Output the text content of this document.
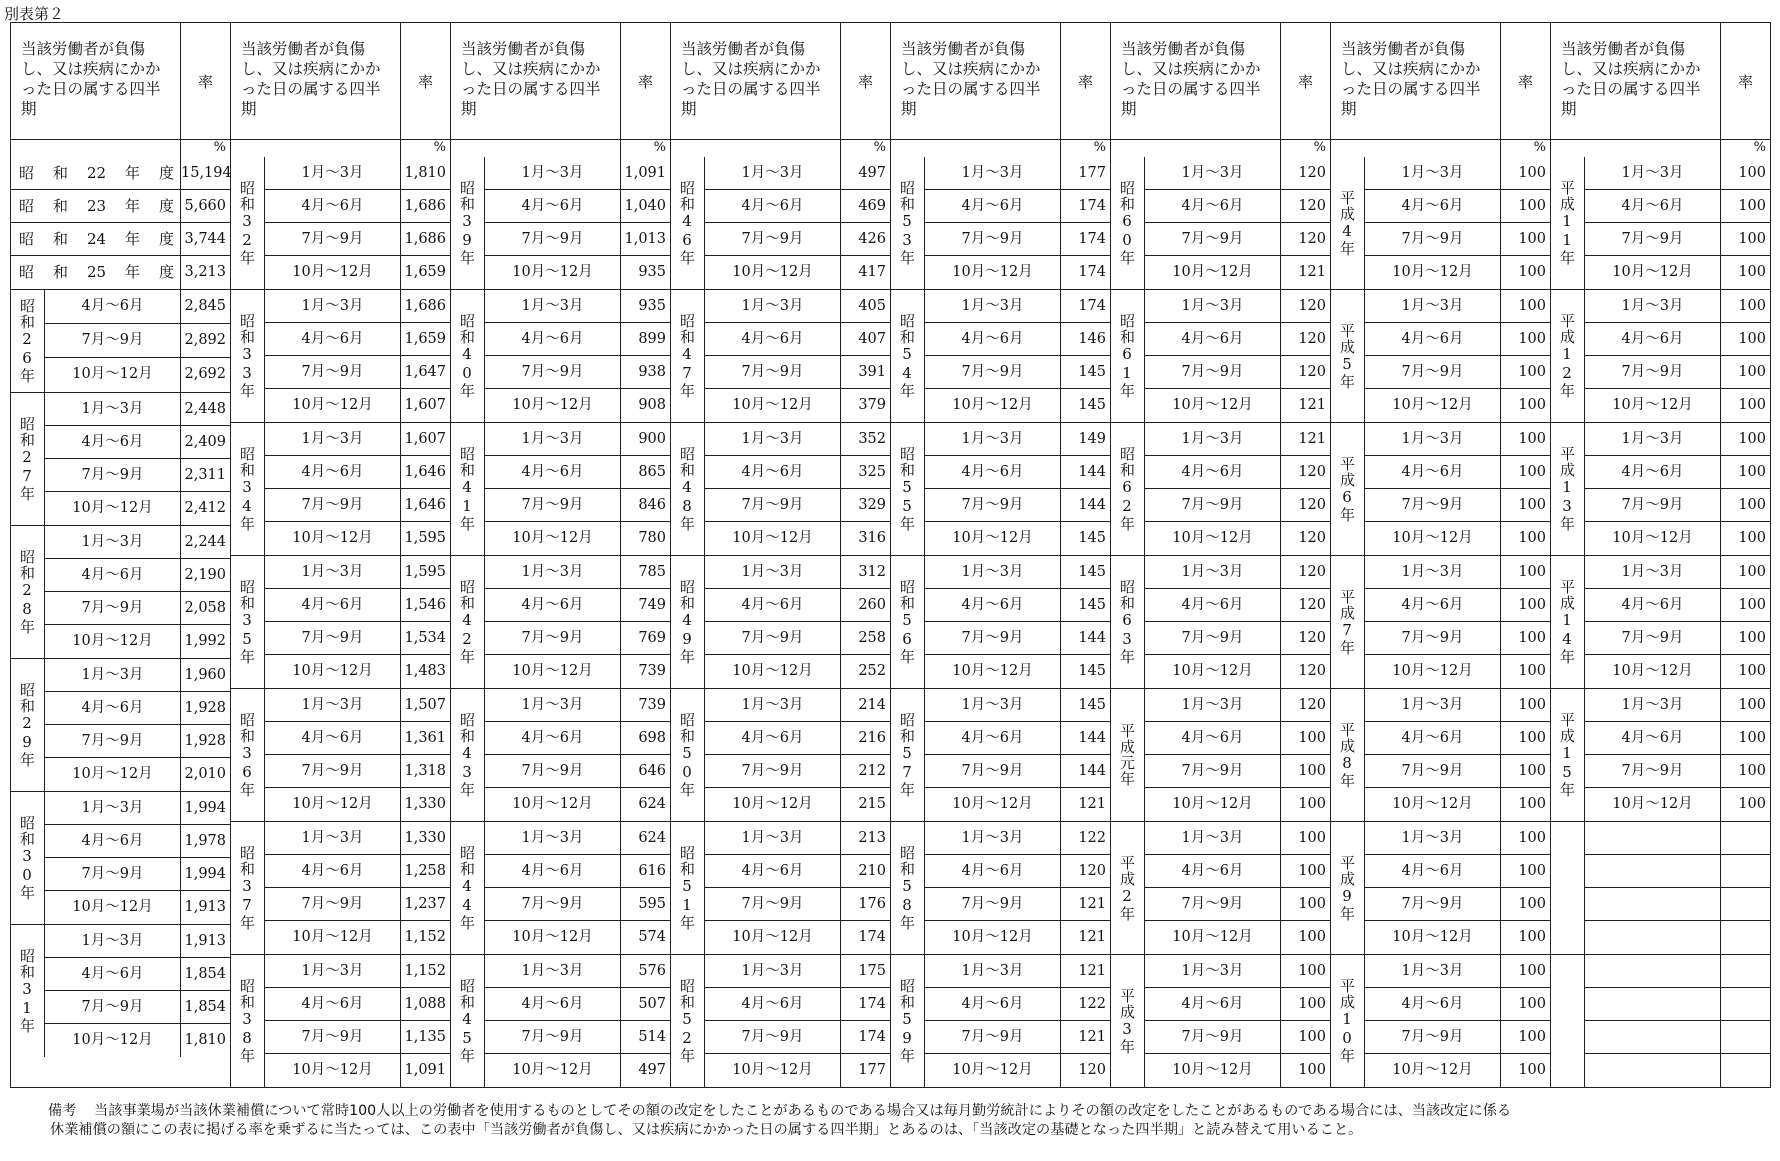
別表第２
当該労働者が負傷し、又は疾病にかかった日の属する四半期
率
%
昭和22年度 15,194
昭和23年度 5,660
昭和24年度 3,744
昭和25年度 3,213
昭和26年	4月～6月	2,845
7月～9月	2,892
10月～12月	2,692
昭和27年
1月～3月	2,448
4月～6月	2,409
7月～9月	2,311
10月～12月	2,412
昭和28年
1月～3月	2,244
4月～6月	2,190
7月～9月	2,058
10月～12月	1,992
昭和29年
1月～3月	1,960
4月～6月	1,928
7月～9月	1,928
10月～12月	2,010
昭和30年
1月～3月	1,994
4月～6月	1,978
7月～9月	1,994
10月～12月	1,913
昭和31年
1月～3月	1,913
4月～6月	1,854
7月～9月	1,854
10月～12月	1,810
当該労働者が負傷し、又は疾病にかかった日の属する四半期
率
%
昭和32年
1月～3月	1,810
4月～6月	1,686
7月～9月	1,686
10月～12月	1,659
昭和33年
1月～3月	1,686
4月～6月	1,659
7月～9月	1,647
10月～12月	1,607
昭和34年
1月～3月	1,607
4月～6月	1,646
7月～9月	1,646
10月～12月	1,595
昭和35年
1月～3月	1,595
4月～6月	1,546
7月～9月	1,534
10月～12月	1,483
昭和36年
1月～3月	1,507
4月～6月	1,361
7月～9月	1,318
10月～12月	1,330
昭和37年
1月～3月	1,330
4月～6月	1,258
7月～9月	1,237
10月～12月	1,152
昭和38年
1月～3月	1,152
4月～6月	1,088
7月～9月	1,135
10月～12月	1,091
当該労働者が負傷し、又は疾病にかかった日の属する四半期
率
%
昭和39年
1月～3月	1,091
4月～6月	1,040
7月～9月	1,013
10月～12月	935
昭和40年
1月～3月	935
4月～6月	899
7月～9月	938
10月～12月	908
昭和41年
1月～3月	900
4月～6月	865
7月～9月	846
10月～12月	780
昭和42年
1月～3月	785
4月～6月	749
7月～9月	769
10月～12月	739
昭和43年
1月～3月	739
4月～6月	698
7月～9月	646
10月～12月	624
昭和44年
1月～3月	624
4月～6月	616
7月～9月	595
10月～12月	574
昭和45年
1月～3月	576
4月～6月	507
7月～9月	514
10月～12月	497
当該労働者が負傷し、又は疾病にかかった日の属する四半期
率
%
昭和46年
1月～3月	497
4月～6月	469
7月～9月	426
10月～12月	417
昭和47年
1月～3月	405
4月～6月	407
7月～9月	391
10月～12月	379
昭和48年
1月～3月	352
4月～6月	325
7月～9月	329
10月～12月	316
昭和49年
1月～3月	312
4月～6月	260
7月～9月	258
10月～12月	252
昭和50年
1月～3月	214
4月～6月	216
7月～9月	212
10月～12月	215
昭和51年
1月～3月	213
4月～6月	210
7月～9月	176
10月～12月	174
昭和52年
1月～3月	175
4月～6月	174
7月～9月	174
10月～12月	177
当該労働者が負傷し、又は疾病にかかった日の属する四半期
率
%
昭和53年
1月～3月	177
4月～6月	174
7月～9月	174
10月～12月	174
昭和54年
1月～3月	174
4月～6月	146
7月～9月	145
10月～12月	145
昭和55年
1月～3月	149
4月～6月	144
7月～9月	144
10月～12月	145
昭和56年
1月～3月	145
4月～6月	145
7月～9月	144
10月～12月	145
昭和57年
1月～3月	145
4月～6月	144
7月～9月	144
10月～12月	121
昭和58年
1月～3月	122
4月～6月	120
7月～9月	121
10月～12月	121
昭和59年
1月～3月	121
4月～6月	122
7月～9月	121
10月～12月	120
当該労働者が負傷し、又は疾病にかかった日の属する四半期
率
%
昭和60年
1月～3月	120
4月～6月	120
7月～9月	120
10月～12月	121
昭和61年
1月～3月	120
4月～6月	120
7月～9月	120
10月～12月	121
昭和62年
1月～3月	121
4月～6月	120
7月～9月	120
10月～12月	120
昭和63年
1月～3月	120
4月～6月	120
7月～9月	120
10月～12月	120
平成元年
1月～3月	120
4月～6月	100
7月～9月	100
10月～12月	100
平成2年
1月～3月	100
4月～6月	100
7月～9月	100
10月～12月	100
平成3年
1月～3月	100
4月～6月	100
7月～9月	100
10月～12月	100
当該労働者が負傷し、又は疾病にかかった日の属する四半期
率
%
平成4年
1月～3月	100
4月～6月	100
7月～9月	100
10月～12月	100
平成5年
1月～3月	100
4月～6月	100
7月～9月	100
10月～12月	100
平成6年
1月～3月	100
4月～6月	100
7月～9月	100
10月～12月	100
平成7年
1月～3月	100
4月～6月	100
7月～9月	100
10月～12月	100
平成8年
1月～3月	100
4月～6月	100
7月～9月	100
10月～12月	100
平成9年
1月～3月	100
4月～6月	100
7月～9月	100
10月～12月	100
平成10年
1月～3月	100
4月～6月	100
7月～9月	100
10月～12月	100
当該労働者が負傷し、又は疾病にかかった日の属する四半期
率
%
平成11年
1月～3月	100
4月～6月	100
7月～9月	100
10月～12月	100
平成12年
1月～3月	100
4月～6月	100
7月～9月	100
10月～12月	100
平成13年
1月～3月	100
4月～6月	100
7月～9月	100
10月～12月	100
平成14年
1月～3月	100
4月～6月	100
7月～9月	100
10月～12月	100
平成15年
1月～3月	100
4月～6月	100
7月～9月	100
10月～12月	100
備考 当該事業場が当該休業補償について常時100人以上の労働者を使用するものとしてその額の改定をしたことがあるものである場合又は毎月勤労統計によりその額の改定をしたことがあるものである場合には、当該改定に係る
休業補償の額にこの表に掲げる率を乗ずるに当たっては、この表中「当該労働者が負傷し、又は疾病にかかった日の属する四半期」とあるのは、「当該改定の基礎となった四半期」と読み替えて用いること。
